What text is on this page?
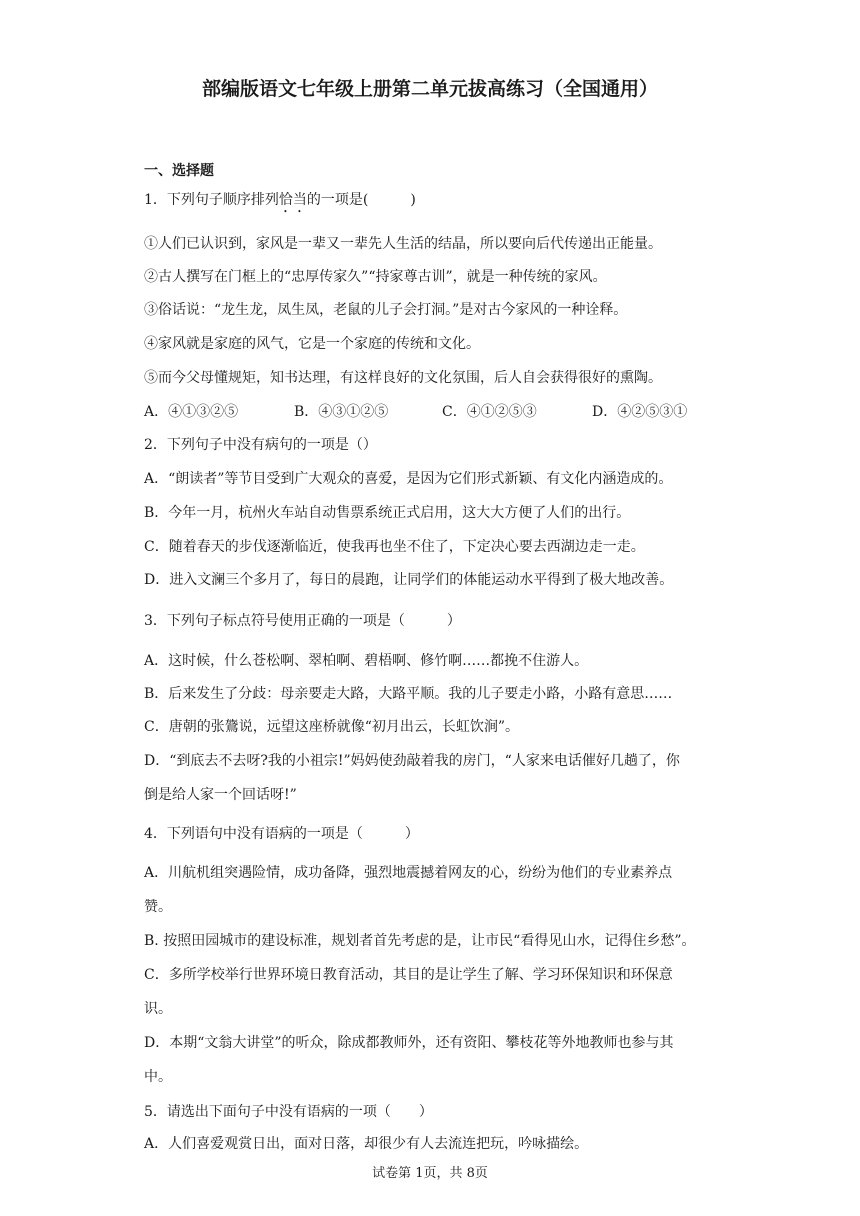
部编版语文七年级上册第二单元拔高练习（全国通用）
一、选择题
1．下列句子顺序排列恰当的一项是(　　　)
①人们已认识到，家风是一辈又一辈先人生活的结晶，所以要向后代传递出正能量。
②古人撰写在门框上的“忠厚传家久”“持家尊古训”，就是一种传统的家风。
③俗话说：“龙生龙，凤生凤，老鼠的儿子会打洞。”是对古今家风的一种诠释。
④家风就是家庭的风气，它是一个家庭的传统和文化。
⑤而今父母懂规矩，知书达理，有这样良好的文化氛围，后人自会获得很好的熏陶。
A．④①③②⑤	B．④③①②⑤	C．④①②⑤③	D．④②⑤③①
2．下列句子中没有病句的一项是（）
A．“朗读者”等节目受到广大观众的喜爱，是因为它们形式新颖、有文化内涵造成的。
B．今年一月，杭州火车站自动售票系统正式启用，这大大方便了人们的出行。
C．随着春天的步伐逐渐临近，使我再也坐不住了，下定决心要去西湖边走一走。
D．进入文澜三个多月了，每日的晨跑，让同学们的体能运动水平得到了极大地改善。
3．下列句子标点符号使用正确的一项是（　　　）
A．这时候，什么苍松啊、翠柏啊、碧梧啊、修竹啊……都挽不住游人。
B．后来发生了分歧：母亲要走大路，大路平顺。我的儿子要走小路，小路有意思……
C．唐朝的张鷟说，远望这座桥就像“初月出云，长虹饮涧”。
D．“到底去不去呀?我的小祖宗!”妈妈使劲敲着我的房门，“人家来电话催好几趟了，你
倒是给人家一个回话呀!”
4．下列语句中没有语病的一项是（　　　）
A．川航机组突遇险情，成功备降，强烈地震撼着网友的心，纷纷为他们的专业素养点
赞。
B. 按照田园城市的建设标准，规划者首先考虑的是，让市民“看得见山水，记得住乡愁”。
C．多所学校举行世界环境日教育活动，其目的是让学生了解、学习环保知识和环保意
识。
D．本期“文翁大讲堂”的听众，除成都教师外，还有资阳、攀枝花等外地教师也参与其
中。
5．请选出下面句子中没有语病的一项（　　）
A．人们喜爱观赏日出，面对日落，却很少有人去流连把玩，吟咏描绘。
试卷第 1页，共 8页
